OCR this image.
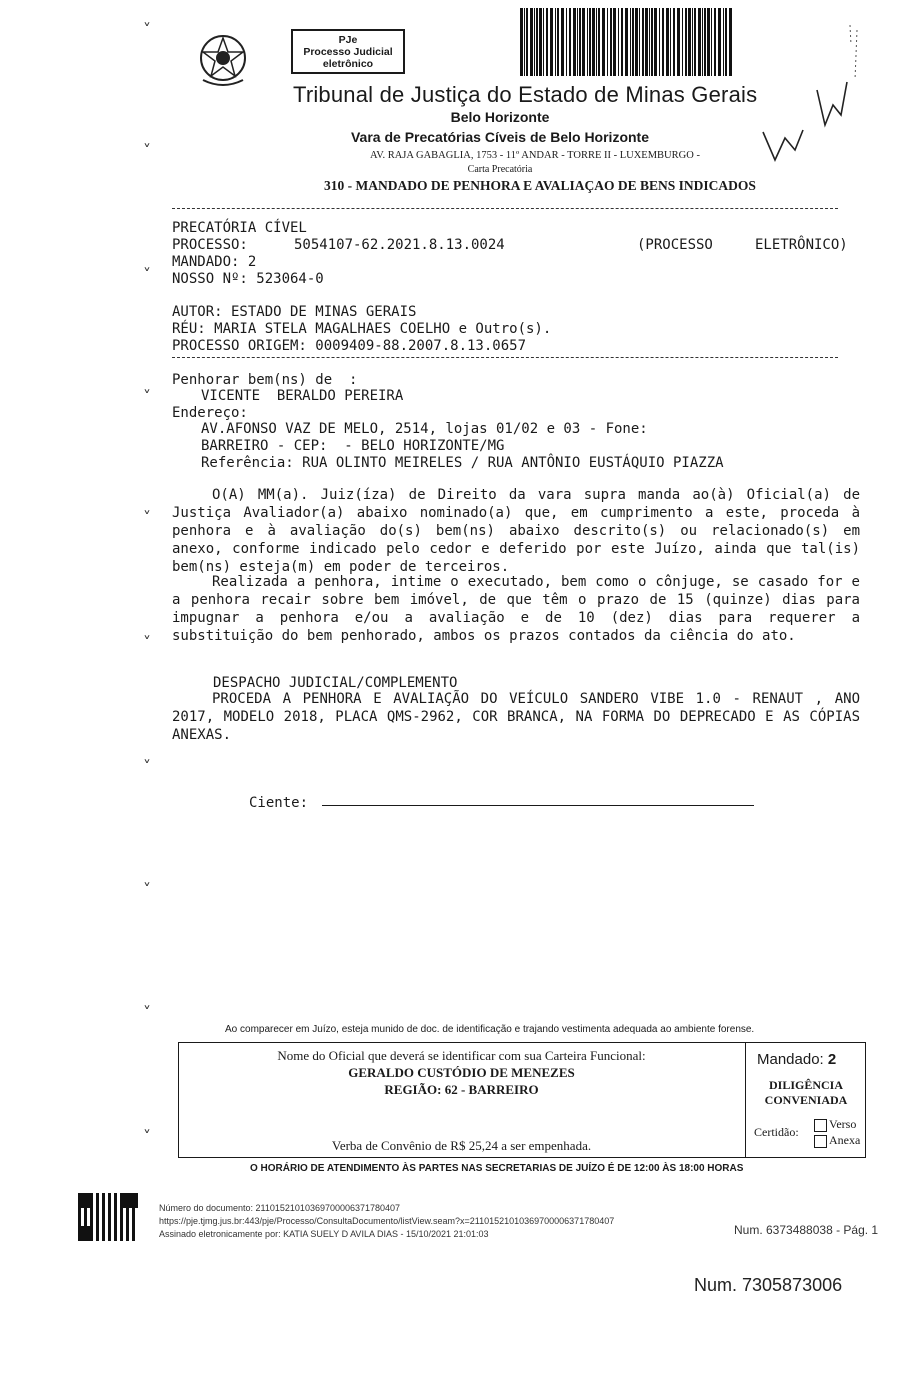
PJe
Processo Judicial
eletrônico
Tribunal de Justiça do Estado de Minas Gerais
Belo Horizonte
Vara de Precatórias Cíveis de Belo Horizonte
AV. RAJA GABAGLIA, 1753 - 11º ANDAR - TORRE II - LUXEMBURGO -
Carta Precatória
310 - MANDADO DE PENHORA E AVALIAÇAO DE BENS INDICADOS
PRECATÓRIA CÍVEL
PROCESSO:	5054107-62.2021.8.13.0024	(PROCESSO     ELETRÔNICO)
MANDADO: 2
NOSSO Nº: 523064-0
AUTOR: ESTADO DE MINAS GERAIS
RÉU: MARIA STELA MAGALHAES COELHO e Outro(s).
PROCESSO ORIGEM: 0009409-88.2007.8.13.0657
Penhorar bem(ns) de  :
VICENTE  BERALDO PEREIRA
Endereço:
AV.AFONSO VAZ DE MELO, 2514, lojas 01/02 e 03 - Fone:
BARREIRO - CEP:  - BELO HORIZONTE/MG
Referência: RUA OLINTO MEIRELES / RUA ANTÔNIO EUSTÁQUIO PIAZZA
O(A) MM(a). Juiz(íza) de Direito da vara supra manda ao(à) Oficial(a) de Justiça Avaliador(a) abaixo nominado(a) que, em cumprimento a este, proceda à penhora e à avaliação do(s) bem(ns) abaixo descrito(s) ou relacionado(s) em anexo, conforme indicado pelo cedor e deferido por este Juízo, ainda que tal(is) bem(ns) esteja(m) em poder de terceiros.
Realizada a penhora, intime o executado, bem como o cônjuge, se casado for e a penhora recair sobre bem imóvel, de que têm o prazo de 15 (quinze) dias para impugnar a penhora e/ou a avaliação e de 10 (dez) dias para requerer a substituição do bem penhorado, ambos os prazos contados da ciência do ato.
DESPACHO JUDICIAL/COMPLEMENTO
PROCEDA A PENHORA E AVALIAÇÃO DO VEÍCULO SANDERO VIBE 1.0 - RENAUT , ANO 2017, MODELO 2018, PLACA QMS-2962, COR BRANCA, NA FORMA DO DEPRECADO E AS CÓPIAS ANEXAS.
Ciente:
˅
˅
˅
˅
˅
˅
˅
˅
˅
˅
Ao comparecer em Juízo, esteja munido de doc. de identificação e trajando vestimenta adequada ao ambiente forense.
Nome do Oficial que deverá se identificar com sua Carteira Funcional:
GERALDO CUSTÓDIO DE MENEZES
REGIÃO: 62 - BARREIRO
Verba de Convênio de R$ 25,24 a ser empenhada.
Mandado: 2
DILIGÊNCIA
CONVENIADA
Certidão:
Verso
Anexa
O HORÁRIO DE ATENDIMENTO ÀS PARTES NAS SECRETARIAS DE JUÍZO É DE 12:00 ÀS 18:00 HORAS
Número do documento: 21101521010369700006371780407
https://pje.tjmg.jus.br:443/pje/Processo/ConsultaDocumento/listView.seam?x=21101521010369700006371780407
Assinado eletronicamente por: KATIA SUELY D AVILA DIAS - 15/10/2021 21:01:03	Num. 6373488038 - Pág. 1
Num. 7305873006
